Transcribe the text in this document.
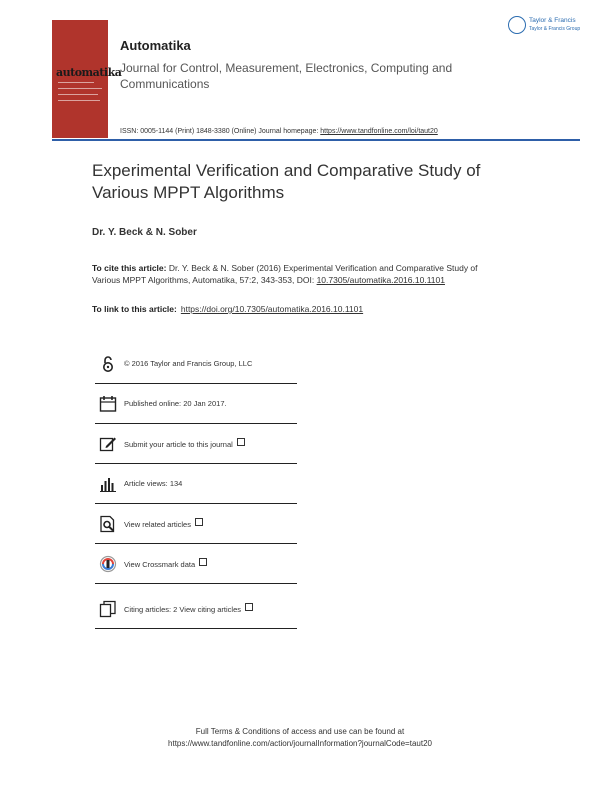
automatika
Automatika
Journal for Control, Measurement, Electronics, Computing and Communications
ISSN: 0005-1144 (Print) 1848-3380 (Online) Journal homepage: https://www.tandfonline.com/loi/taut20
Taylor & Francis
Taylor & Francis Group
Experimental Verification and Comparative Study of Various MPPT Algorithms
Dr. Y. Beck & N. Sober
To cite this article: Dr. Y. Beck & N. Sober (2016) Experimental Verification and Comparative Study of Various MPPT Algorithms, Automatika, 57:2, 343-353, DOI: 10.7305/automatika.2016.10.1101
To link to this article: https://doi.org/10.7305/automatika.2016.10.1101
© 2016 Taylor and Francis Group, LLC
Published online: 20 Jan 2017.
Submit your article to this journal
Article views: 134
View related articles
View Crossmark data
Citing articles: 2 View citing articles
Full Terms & Conditions of access and use can be found at
https://www.tandfonline.com/action/journalInformation?journalCode=taut20
